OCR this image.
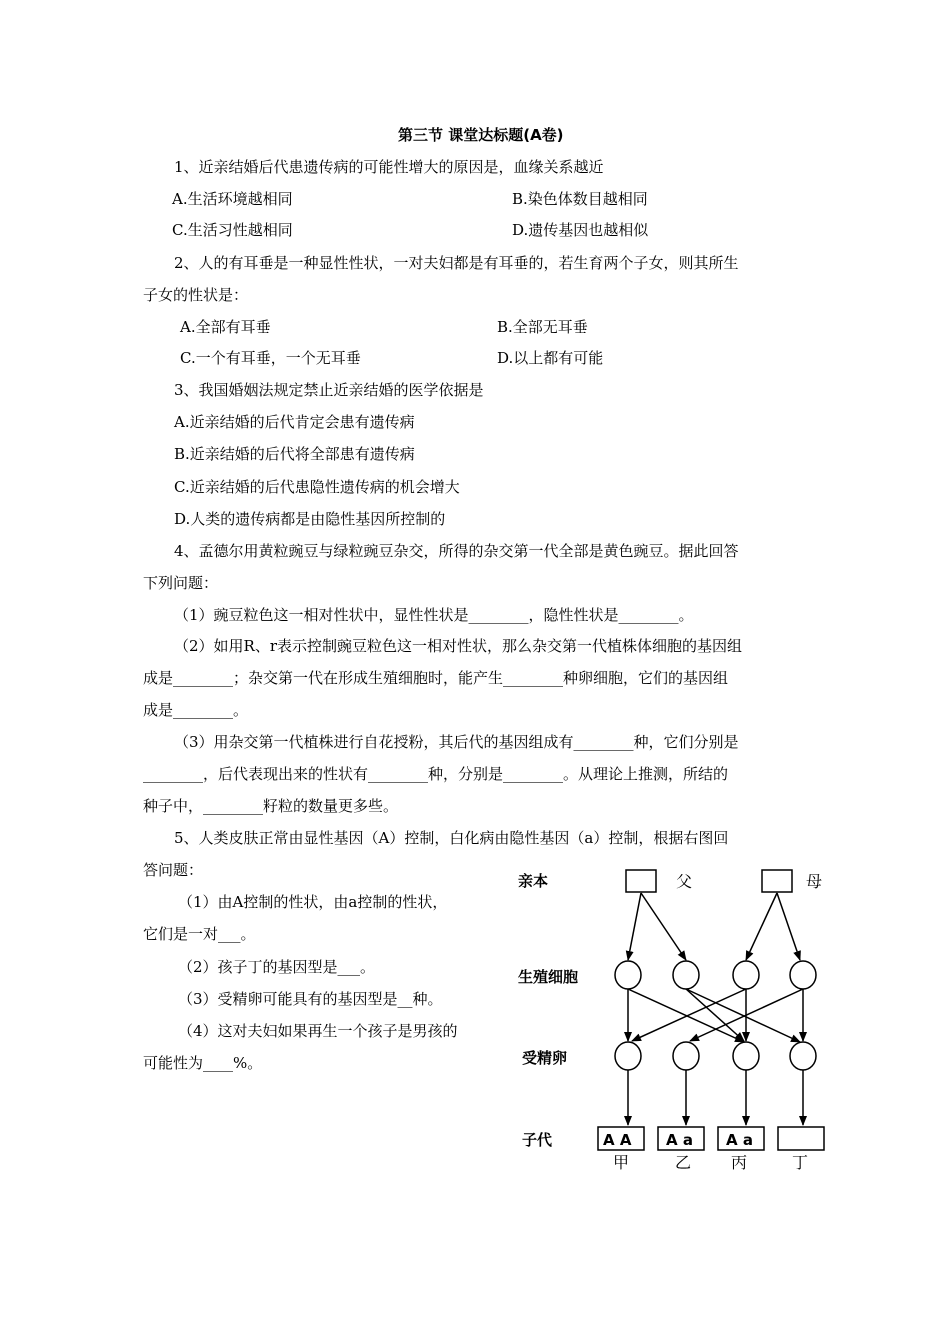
第三节 课堂达标题(A卷)
1、近亲结婚后代患遗传病的可能性增大的原因是，血缘关系越近
A.生活环境越相同	B.染色体数目越相同
C.生活习性越相同	D.遗传基因也越相似
2、人的有耳垂是一种显性性状，一对夫妇都是有耳垂的，若生育两个子女，则其所生
子女的性状是：
A.全部有耳垂	B.全部无耳垂
C.一个有耳垂，一个无耳垂	D.以上都有可能
3、我国婚姻法规定禁止近亲结婚的医学依据是
A.近亲结婚的后代肯定会患有遗传病
B.近亲结婚的后代将全部患有遗传病
C.近亲结婚的后代患隐性遗传病的机会增大
D.人类的遗传病都是由隐性基因所控制的
4、孟德尔用黄粒豌豆与绿粒豌豆杂交，所得的杂交第一代全部是黄色豌豆。据此回答
下列问题：
（1）豌豆粒色这一相对性状中，显性性状是________，隐性性状是________。
（2）如用R、r表示控制豌豆粒色这一相对性状，那么杂交第一代植株体细胞的基因组
成是________；杂交第一代在形成生殖细胞时，能产生________种卵细胞，它们的基因组
成是________。
（3）用杂交第一代植株进行自花授粉，其后代的基因组成有________种，它们分别是
________，后代表现出来的性状有________种，分别是________。从理论上推测，所结的
种子中，________籽粒的数量更多些。
5、人类皮肤正常由显性基因（A）控制，白化病由隐性基因（a）控制，根据右图回
答问题：
（1）由A控制的性状，由a控制的性状，
它们是一对___。
（2）孩子丁的基因型是___。
（3）受精卵可能具有的基因型是__种。
（4）这对夫妇如果再生一个孩子是男孩的
可能性为____%。
亲本
生殖细胞
受精卵
子代
父	母
A A A a A a
甲	乙 丙	丁
